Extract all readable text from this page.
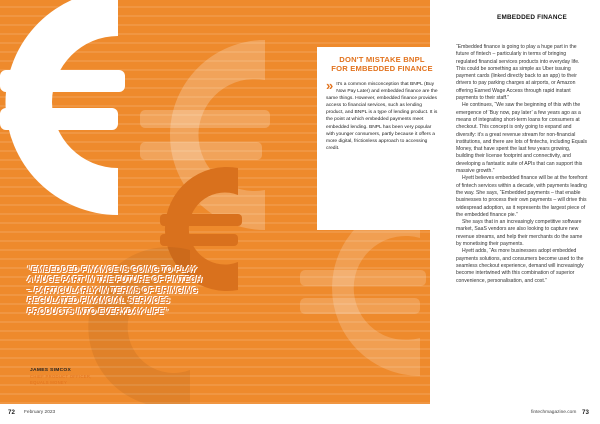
DON'T MISTAKE BNPL
FOR EMBEDDED FINANCE
» It's a common misconception that BNPL (Buy Now Pay Later) and embedded finance are the same things. However, embedded finance provides access to financial services, such as lending product, and BNPL is a type of lending product. It is the point at which embedded payments meet embedded lending. BNPL has been very popular with younger consumers, partly because it offers a more digital, frictionless approach to accessing credit.

“EMBEDDED FINANCE IS GOING TO PLAY A HUGE PART IN THE FUTURE OF FINTECH – PARTICULARLY IN TERMS OF BRINGING REGULATED FINANCIAL SERVICES PRODUCTS INTO EVERYDAY LIFE”

JAMES SIMCOX
CHIEF PRODUCT OFFICER,
EQUALS MONEY
EMBEDDED FINANCE

“Embedded finance is going to play a huge part in the future of fintech – particularly in terms of bringing regulated financial services products into everyday life. This could be something as simple as Uber issuing payment cards (linked directly back to an app) to their drivers to pay parking charges at airports, or Amazon offering Earned Wage Access through rapid instant payments to their staff.”

He continues, “We saw the beginning of this with the emergence of ‘Buy now, pay later’ a few years ago as a means of integrating short-term loans for consumers at checkout. This concept is only going to expand and diversify: it’s a great revenue stream for non-financial institutions, and there are lots of fintechs, including Equals Money, that have spent the last few years growing, building their license footprint and connectivity, and developing a fantastic suite of APIs that can support this massive growth.”

Hyett believes embedded finance will be at the forefront of fintech services within a decade, with payments leading the way. She says, “Embedded payments – that enable businesses to process their own payments – will drive this widespread adoption, as it represents the largest piece of the embedded finance pie.”

She says that in an increasingly competitive software market, SaaS vendors are also looking to capture new revenue streams, and help their merchants do the same by monetising their payments.

Hyett adds, “As more businesses adopt embedded payments solutions, and consumers become used to the seamless checkout experience, demand will increasingly become intertwined with this combination of superior convenience, personalisation, and cost.”

72 February 2023	fintechmagazine.com 73
